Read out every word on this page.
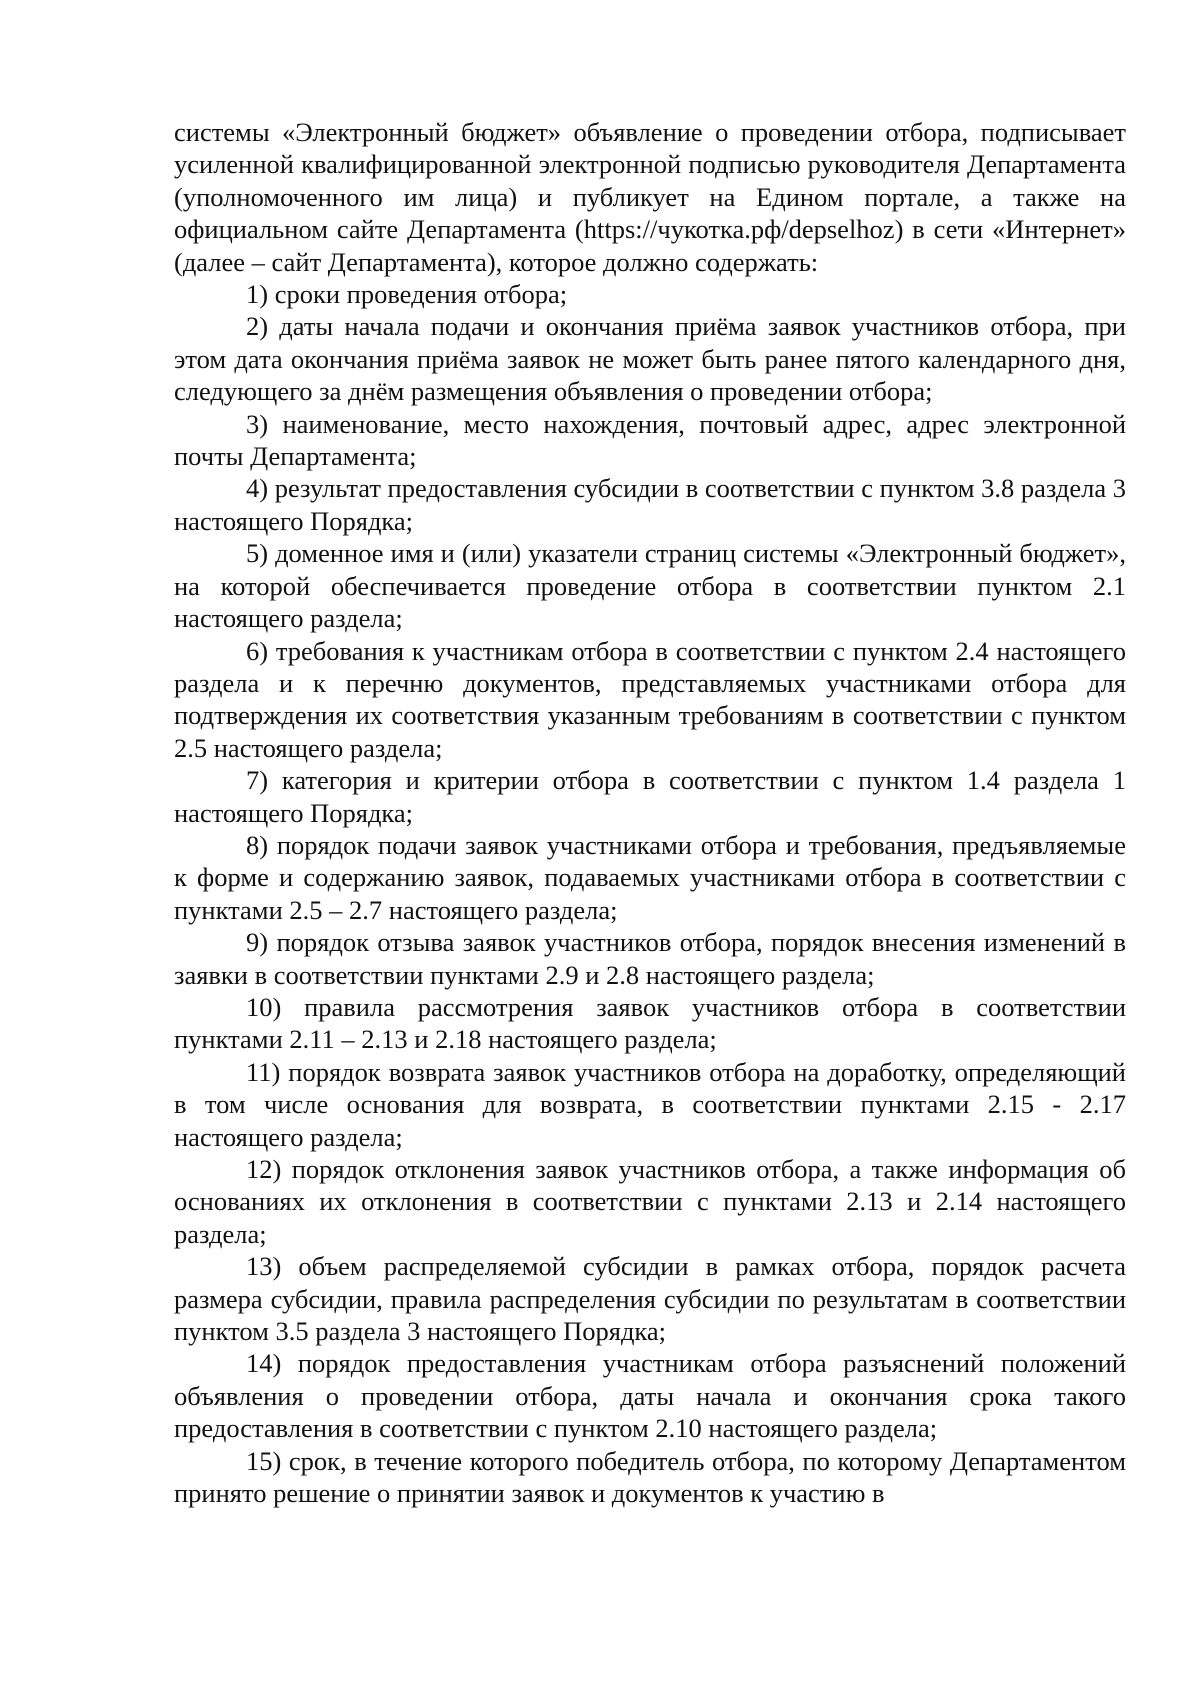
системы «Электронный бюджет» объявление о проведении отбора, подписывает усиленной квалифицированной электронной подписью руководителя Департамента (уполномоченного им лица) и публикует на Едином портале, а также на официальном сайте Департамента (https://чукотка.рф/depselhoz) в сети «Интернет» (далее – сайт Департамента), которое должно содержать:

1) сроки проведения отбора;

2) даты начала подачи и окончания приёма заявок участников отбора, при этом дата окончания приёма заявок не может быть ранее пятого календарного дня, следующего за днём размещения объявления о проведении отбора;

3) наименование, место нахождения, почтовый адрес, адрес электронной почты Департамента;

4) результат предоставления субсидии в соответствии с пунктом 3.8 раздела 3 настоящего Порядка;

5) доменное имя и (или) указатели страниц системы «Электронный бюджет», на которой обеспечивается проведение отбора в соответствии пунктом 2.1 настоящего раздела;

6) требования к участникам отбора в соответствии с пунктом 2.4 настоящего раздела и к перечню документов, представляемых участниками отбора для подтверждения их соответствия указанным требованиям в соответствии с пунктом 2.5 настоящего раздела;

7) категория и критерии отбора в соответствии с пунктом 1.4 раздела 1 настоящего Порядка;

8) порядок подачи заявок участниками отбора и требования, предъявляемые к форме и содержанию заявок, подаваемых участниками отбора в соответствии с пунктами 2.5 – 2.7 настоящего раздела;

9) порядок отзыва заявок участников отбора, порядок внесения изменений в заявки в соответствии пунктами 2.9 и 2.8 настоящего раздела;

10) правила рассмотрения заявок участников отбора в соответствии пунктами 2.11 – 2.13 и 2.18 настоящего раздела;

11) порядок возврата заявок участников отбора на доработку, определяющий в том числе основания для возврата, в соответствии пунктами 2.15 - 2.17 настоящего раздела;

12) порядок отклонения заявок участников отбора, а также информация об основаниях их отклонения в соответствии с пунктами 2.13 и 2.14 настоящего раздела;

13) объем распределяемой субсидии в рамках отбора, порядок расчета размера субсидии, правила распределения субсидии по результатам в соответствии пунктом 3.5 раздела 3 настоящего Порядка;

14) порядок предоставления участникам отбора разъяснений положений объявления о проведении отбора, даты начала и окончания срока такого предоставления в соответствии с пунктом 2.10 настоящего раздела;

15) срок, в течение которого победитель отбора, по которому Департаментом принято решение о принятии заявок и документов к участию в
